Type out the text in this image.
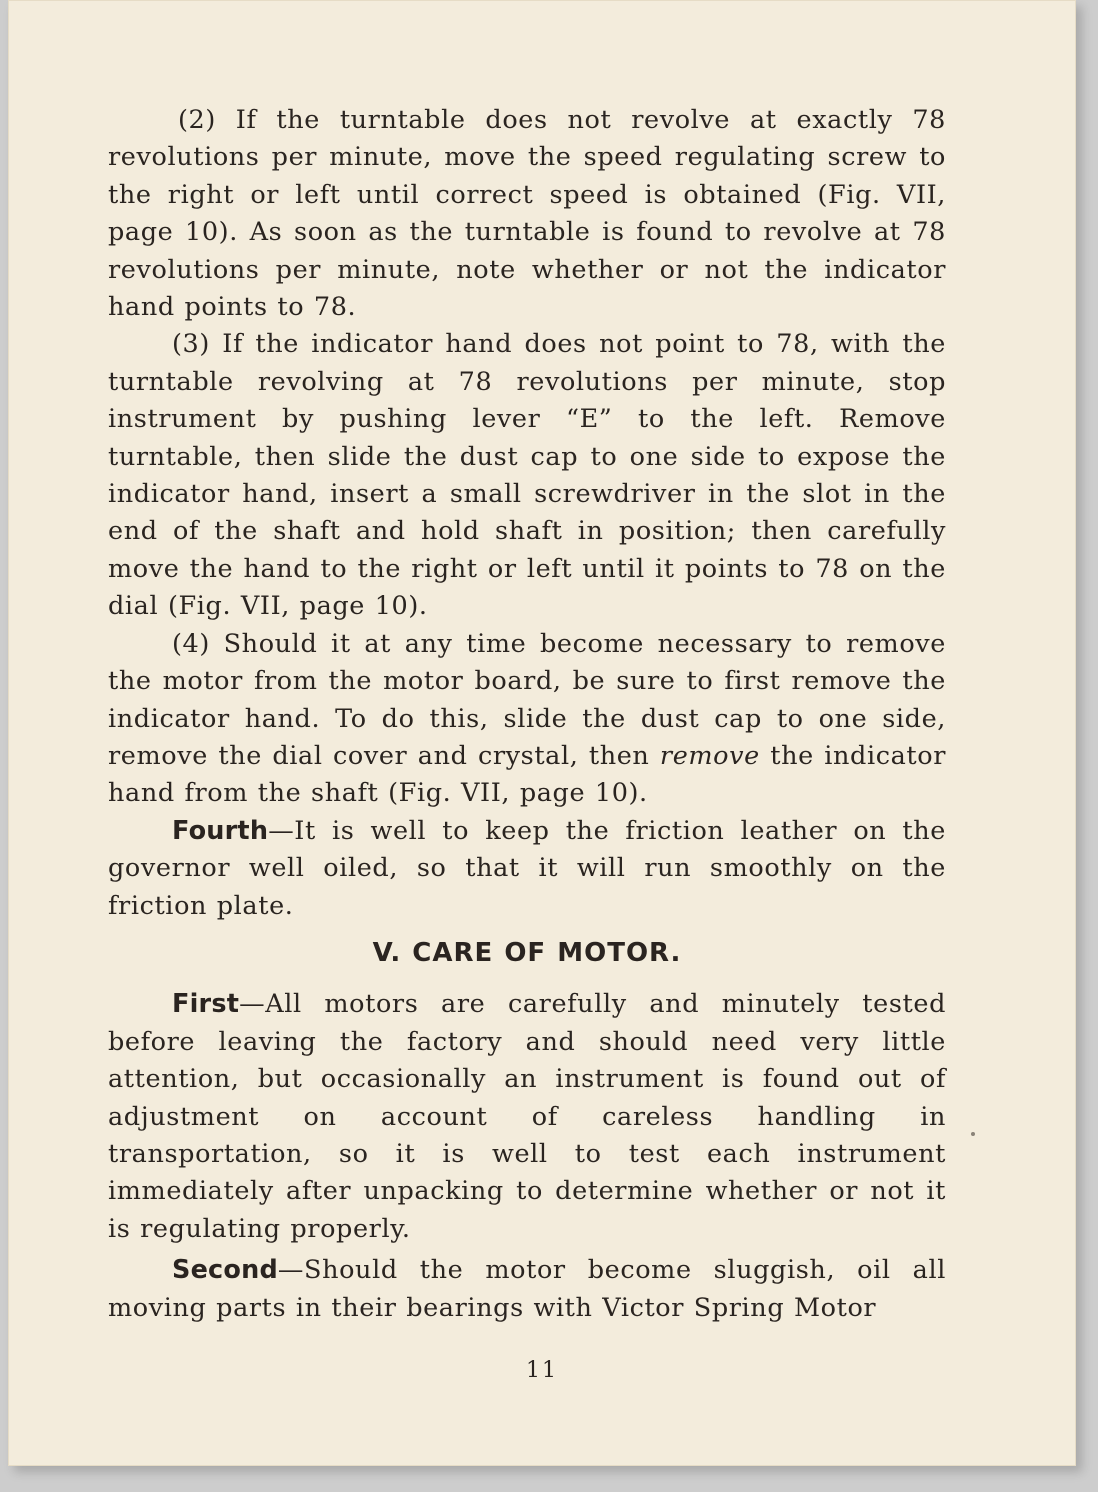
(2) If the turntable does not revolve at exactly 78 revolutions per minute, move the speed regulating screw to the right or left until correct speed is obtained (Fig. VII, page 10). As soon as the turntable is found to revolve at 78 revolutions per minute, note whether or not the indicator hand points to 78.

(3) If the indicator hand does not point to 78, with the turntable revolving at 78 revolutions per minute, stop instrument by pushing lever “E” to the left. Remove turntable, then slide the dust cap to one side to expose the indicator hand, insert a small screwdriver in the slot in the end of the shaft and hold shaft in position; then carefully move the hand to the right or left until it points to 78 on the dial (Fig. VII, page 10).

(4) Should it at any time become necessary to remove the motor from the motor board, be sure to first remove the indicator hand. To do this, slide the dust cap to one side, remove the dial cover and crystal, then remove the indicator hand from the shaft (Fig. VII, page 10).

Fourth—It is well to keep the friction leather on the governor well oiled, so that it will run smoothly on the friction plate.

V. CARE OF MOTOR.

First—All motors are carefully and minutely tested before leaving the factory and should need very little attention, but occasionally an instrument is found out of adjustment on account of careless handling in transportation, so it is well to test each instrument immediately after unpacking to determine whether or not it is regulating properly.

Second—Should the motor become sluggish, oil all moving parts in their bearings with Victor Spring Motor

11
